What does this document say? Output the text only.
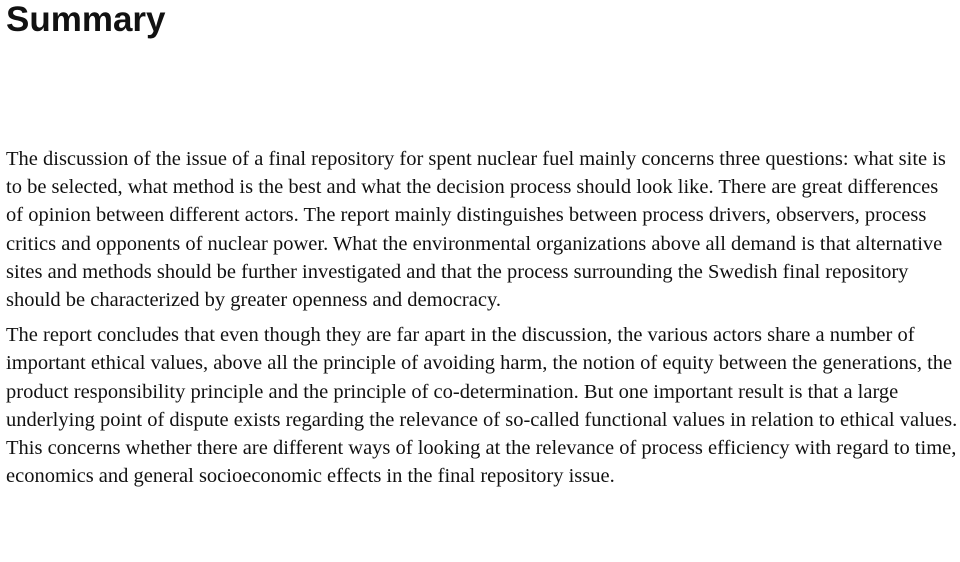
Summary

The discussion of the issue of a final repository for spent nuclear fuel mainly concerns three questions: what site is to be selected, what method is the best and what the decision process should look like. There are great differences of opinion between different actors. The report mainly distinguishes between process drivers, observers, process critics and opponents of nuclear power. What the environmental organizations above all demand is that alternative sites and methods should be further investigated and that the process surrounding the Swedish final repository should be characterized by greater openness and democracy.

The report concludes that even though they are far apart in the discussion, the various actors share a number of important ethical values, above all the principle of avoiding harm, the notion of equity between the generations, the product responsibility principle and the principle of co-determination. But one important result is that a large underlying point of dispute exists regarding the relevance of so-called functional values in relation to ethical values. This concerns whether there are different ways of looking at the relevance of process efficiency with regard to time, economics and general socioeconomic effects in the final repository issue.
